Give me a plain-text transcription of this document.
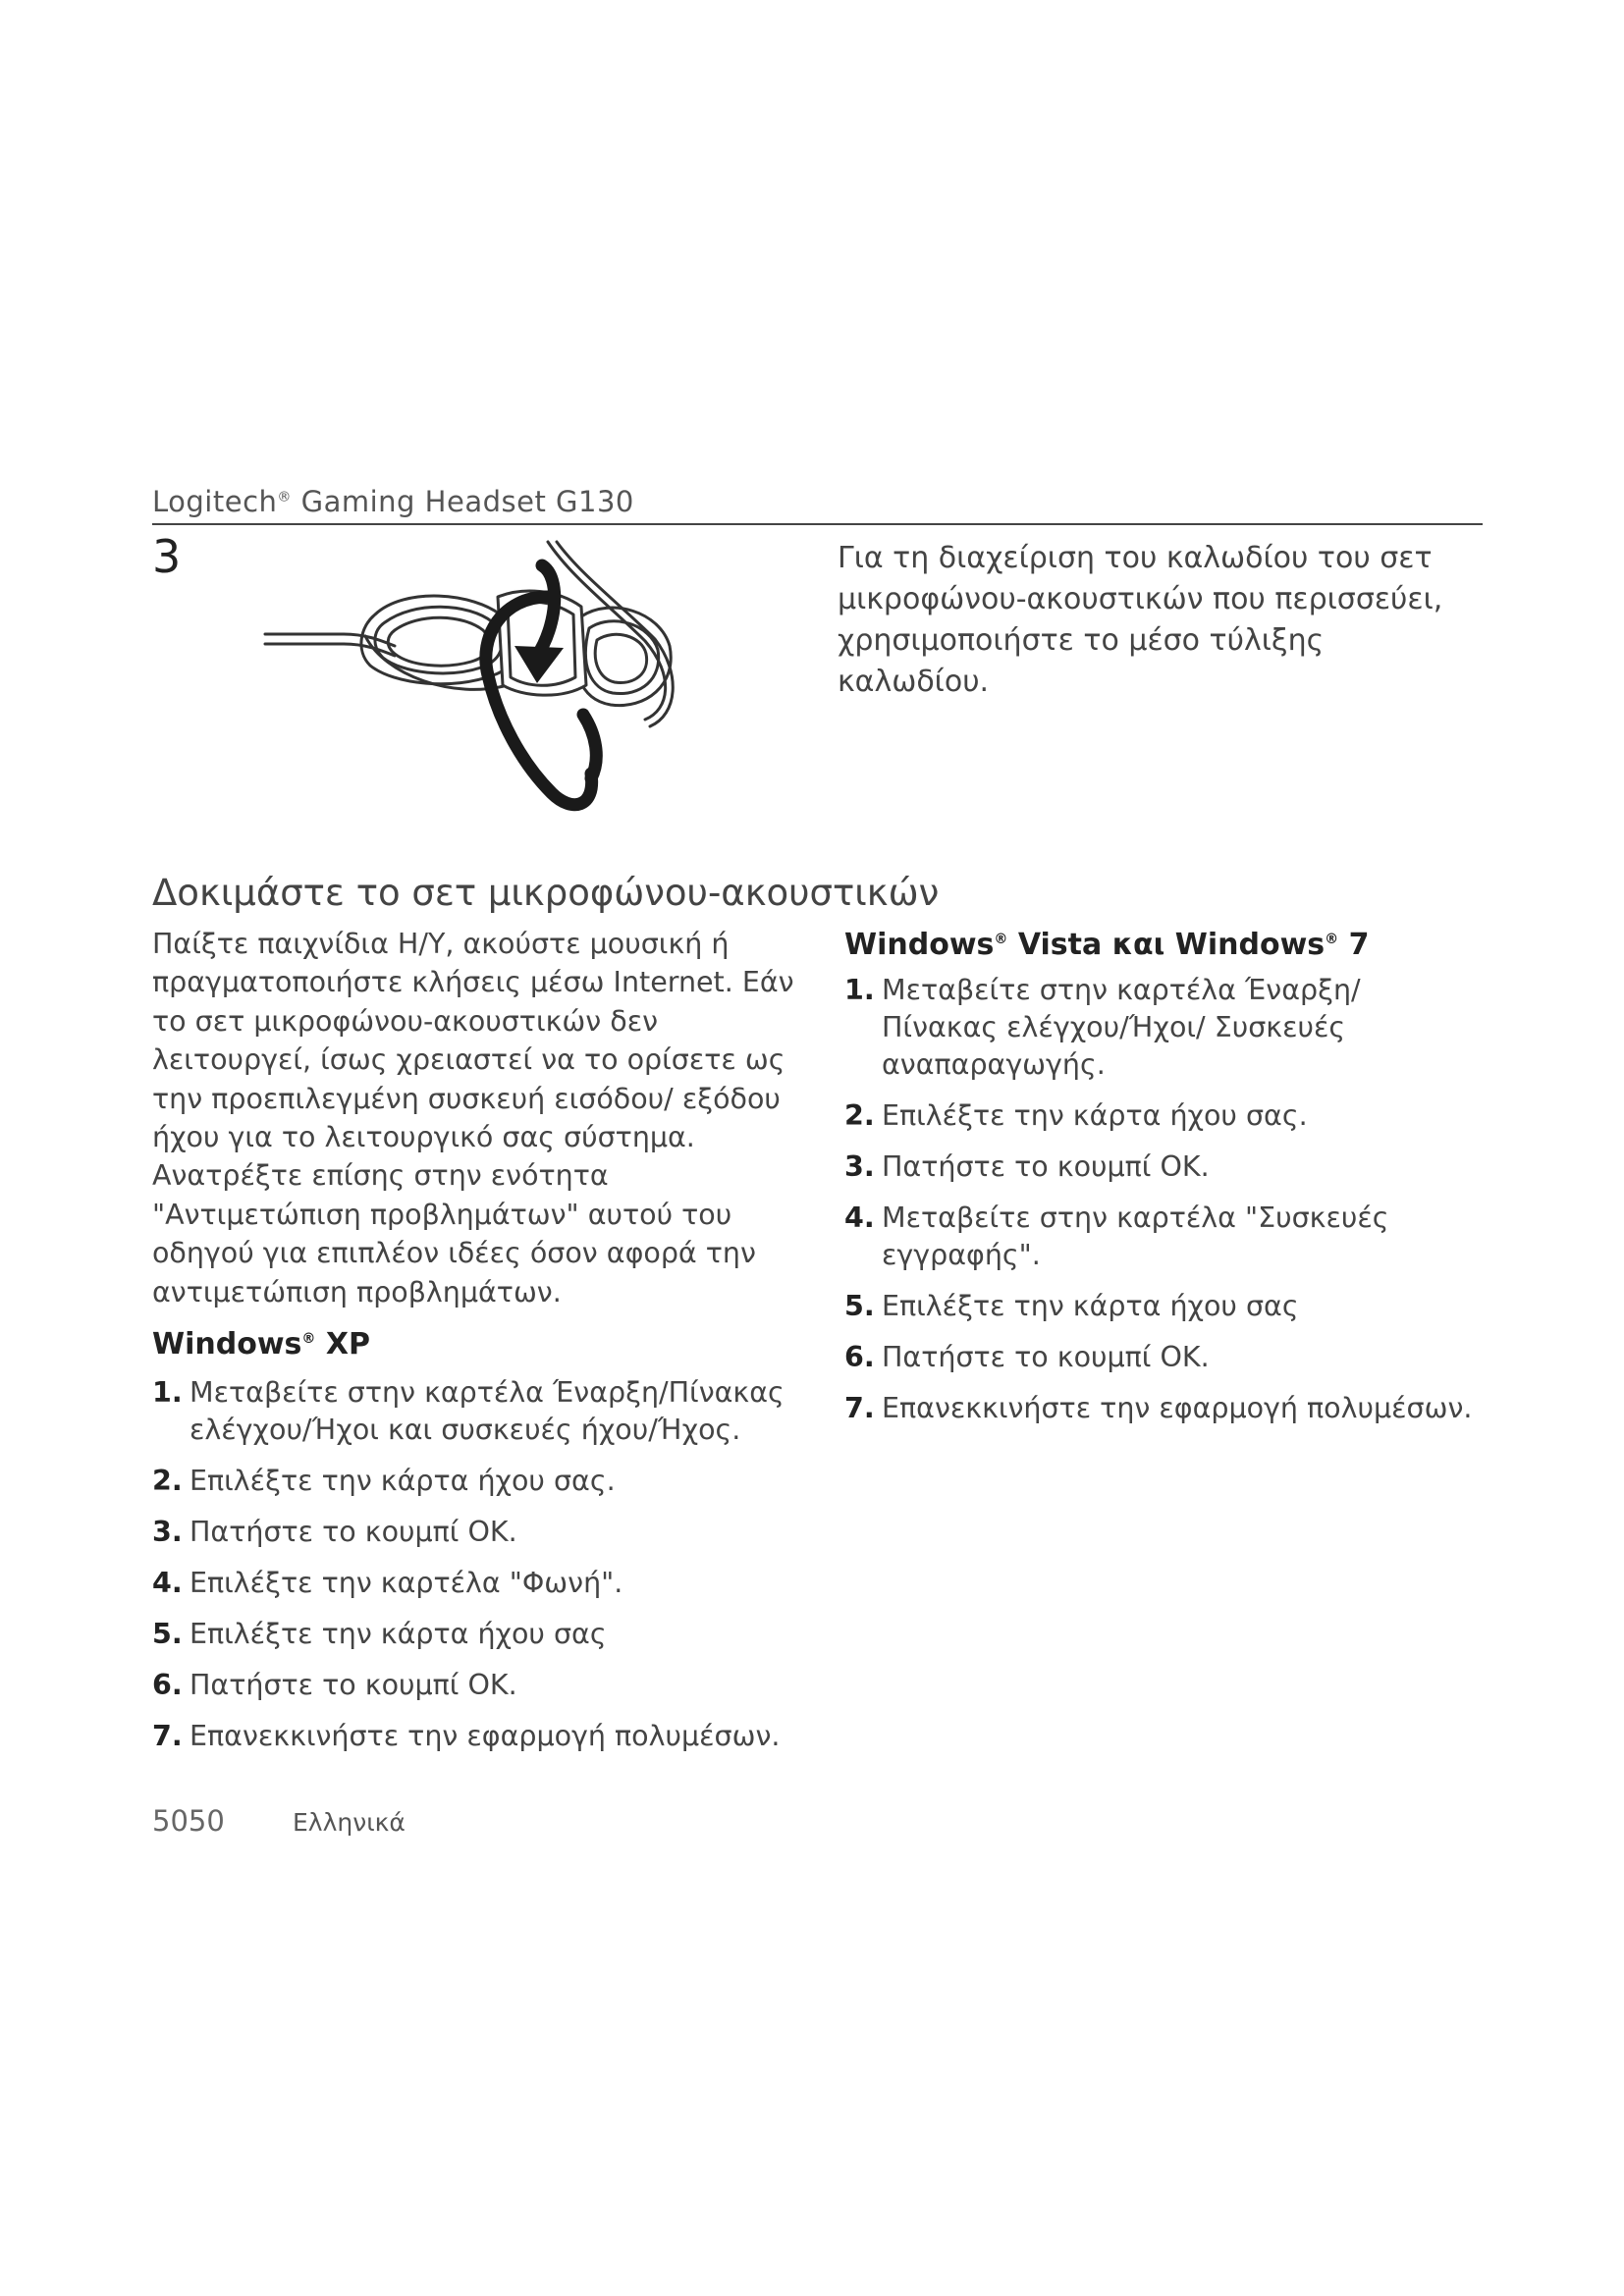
Logitech® Gaming Headset G130
3	Για τη διαχείριση του καλωδίου του σετ μικροφώνου-ακουστικών που περισσεύει, χρησιμοποιήστε το μέσο τύλιξης καλωδίου.
Δοκιμάστε το σετ μικροφώνου-ακουστικών
Παίξτε παιχνίδια Η/Υ, ακούστε μουσική ή πραγματοποιήστε κλήσεις μέσω Internet. Εάν το σετ μικροφώνου-ακουστικών δεν λειτουργεί, ίσως χρειαστεί να το ορίσετε ως την προεπιλεγμένη συσκευή εισόδου/ εξόδου ήχου για το λειτουργικό σας σύστημα. Ανατρέξτε επίσης στην ενότητα "Αντιμετώπιση προβλημάτων" αυτού του οδηγού για επιπλέον ιδέες όσον αφορά την αντιμετώπιση προβλημάτων.
Windows® XP
1. Μεταβείτε στην καρτέλα Έναρξη/Πίνακας ελέγχου/Ήχοι και συσκευές ήχου/Ήχος.
2. Επιλέξτε την κάρτα ήχου σας.
3. Πατήστε το κουμπί OK.
4. Επιλέξτε την καρτέλα "Φωνή".
5. Επιλέξτε την κάρτα ήχου σας
6. Πατήστε το κουμπί OK.
7. Επανεκκινήστε την εφαρμογή πολυμέσων.
Windows® Vista και Windows® 7
1. Μεταβείτε στην καρτέλα Έναρξη/ Πίνακας ελέγχου/Ήχοι/ Συσκευές αναπαραγωγής.
2. Επιλέξτε την κάρτα ήχου σας.
3. Πατήστε το κουμπί OK.
4. Μεταβείτε στην καρτέλα "Συσκευές εγγραφής".
5. Επιλέξτε την κάρτα ήχου σας
6. Πατήστε το κουμπί OK.
7. Επανεκκινήστε την εφαρμογή πολυμέσων.
5050	Ελληνικά
